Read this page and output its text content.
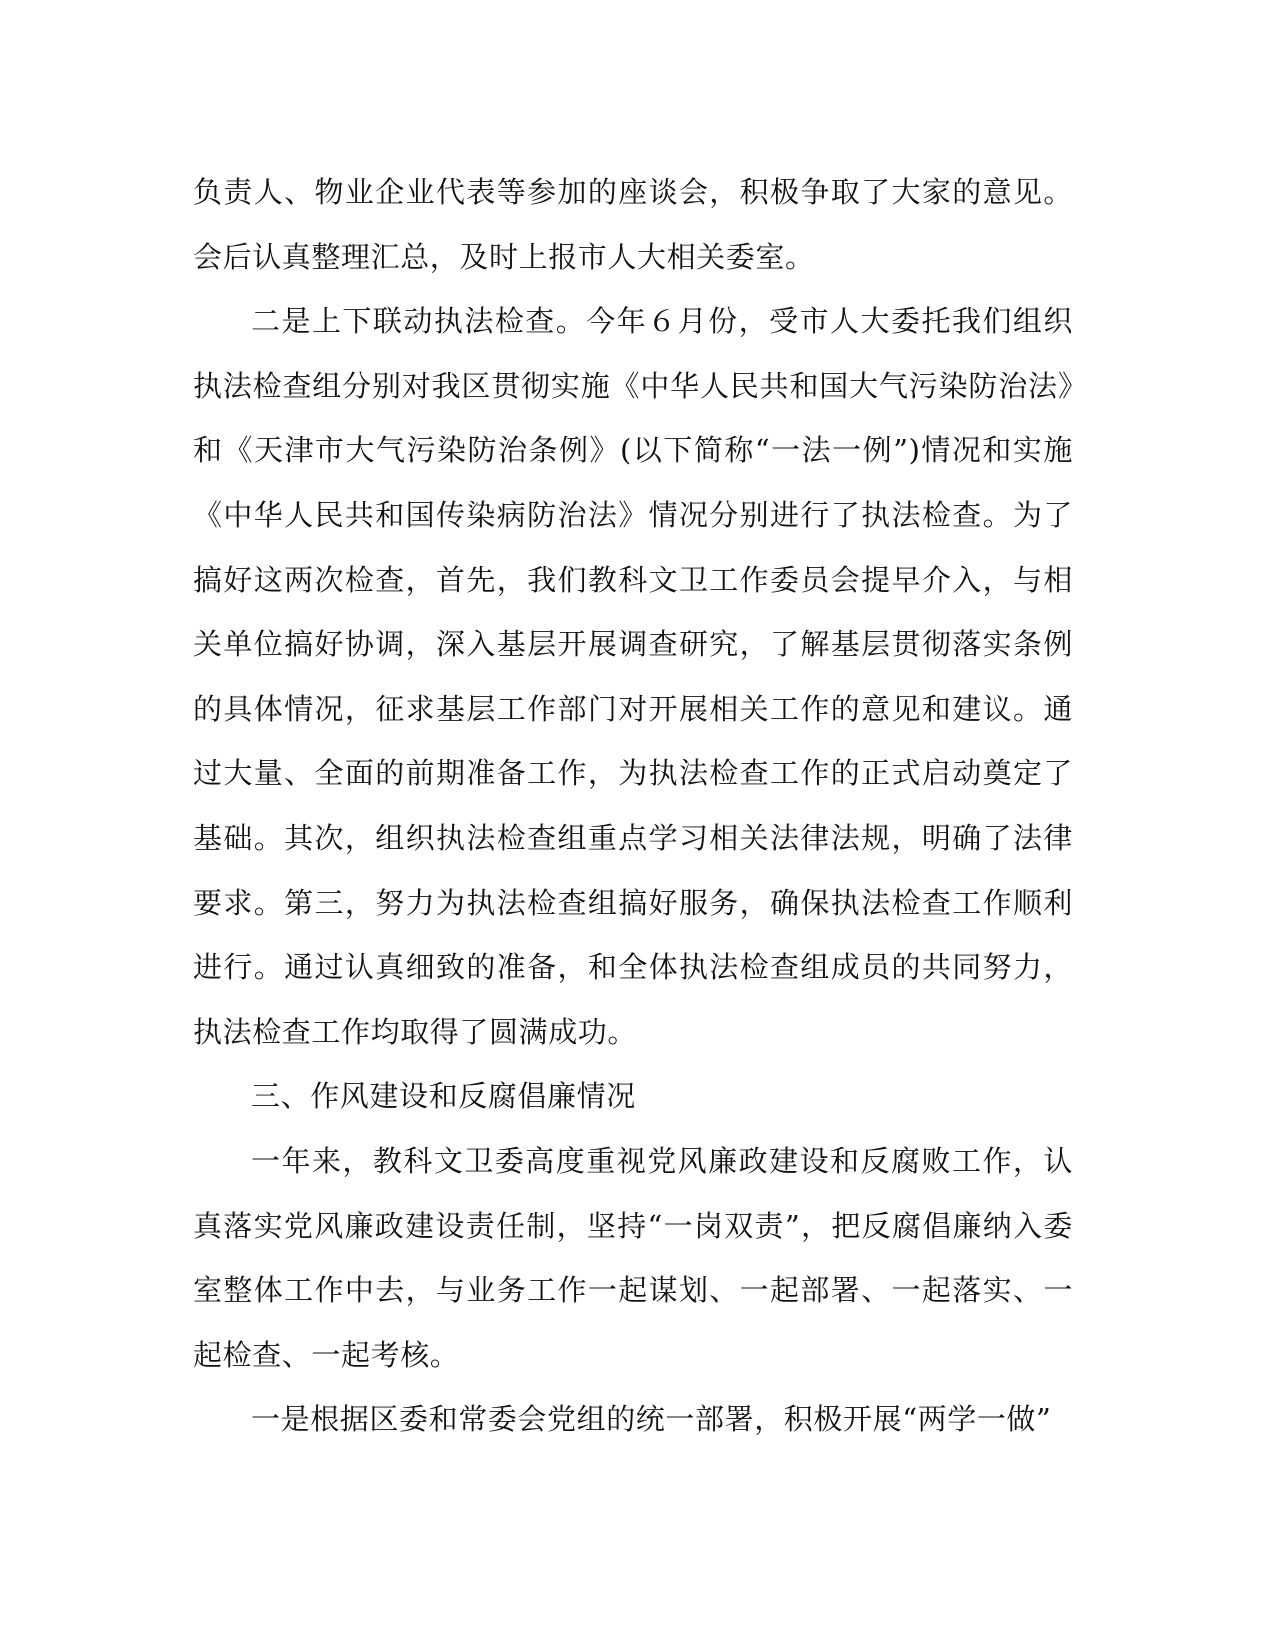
负责人、物业企业代表等参加的座谈会，积极争取了大家的意见。会后认真整理汇总，及时上报市人大相关委室。

二是上下联动执法检查。今年６月份，受市人大委托我们组织执法检查组分别对我区贯彻实施《中华人民共和国大气污染防治法》和《天津市大气污染防治条例》(以下简称“一法一例”)情况和实施《中华人民共和国传染病防治法》情况分别进行了执法检查。为了搞好这两次检查，首先，我们教科文卫工作委员会提早介入，与相关单位搞好协调，深入基层开展调查研究，了解基层贯彻落实条例的具体情况，征求基层工作部门对开展相关工作的意见和建议。通过大量、全面的前期准备工作，为执法检查工作的正式启动奠定了基础。其次，组织执法检查组重点学习相关法律法规，明确了法律要求。第三，努力为执法检查组搞好服务，确保执法检查工作顺利进行。通过认真细致的准备，和全体执法检查组成员的共同努力，执法检查工作均取得了圆满成功。

三、作风建设和反腐倡廉情况

一年来，教科文卫委高度重视党风廉政建设和反腐败工作，认真落实党风廉政建设责任制，坚持“一岗双责”，把反腐倡廉纳入委室整体工作中去，与业务工作一起谋划、一起部署、一起落实、一起检查、一起考核。

一是根据区委和常委会党组的统一部署，积极开展“两学一做”
